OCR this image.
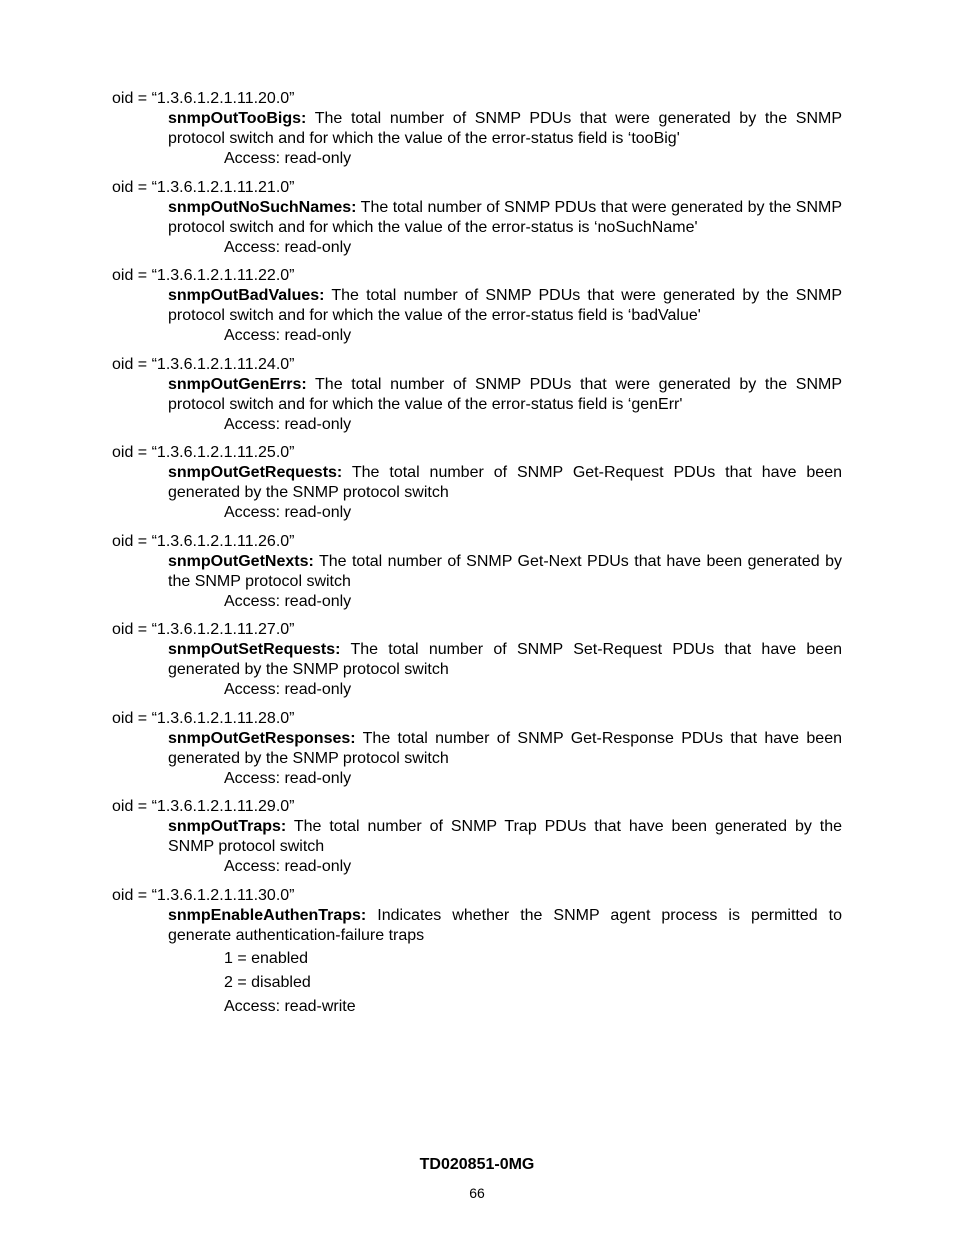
oid = “1.3.6.1.2.1.11.20.0”
snmpOutTooBigs: The total number of SNMP PDUs that were generated by the SNMP protocol switch and for which the value of the error-status field is ‘tooBig'
Access: read-only
oid = “1.3.6.1.2.1.11.21.0”
snmpOutNoSuchNames: The total number of SNMP PDUs that were generated by the SNMP protocol switch and for which the value of the error-status is ‘noSuchName'
Access: read-only
oid = “1.3.6.1.2.1.11.22.0”
snmpOutBadValues: The total number of SNMP PDUs that were generated by the SNMP protocol switch and for which the value of the error-status field is ‘badValue'
Access: read-only
oid = “1.3.6.1.2.1.11.24.0”
snmpOutGenErrs: The total number of SNMP PDUs that were generated by the SNMP protocol switch and for which the value of the error-status field is ‘genErr'
Access: read-only
oid = “1.3.6.1.2.1.11.25.0”
snmpOutGetRequests: The total number of SNMP Get-Request PDUs that have been generated by the SNMP protocol switch
Access: read-only
oid = “1.3.6.1.2.1.11.26.0”
snmpOutGetNexts: The total number of SNMP Get-Next PDUs that have been generated by the SNMP protocol switch
Access: read-only
oid = “1.3.6.1.2.1.11.27.0”
snmpOutSetRequests: The total number of SNMP Set-Request PDUs that have been generated by the SNMP protocol switch
Access: read-only
oid = “1.3.6.1.2.1.11.28.0”
snmpOutGetResponses: The total number of SNMP Get-Response PDUs that have been generated by the SNMP protocol switch
Access: read-only
oid = “1.3.6.1.2.1.11.29.0”
snmpOutTraps: The total number of SNMP Trap PDUs that have been generated by the SNMP protocol switch
Access: read-only
oid = “1.3.6.1.2.1.11.30.0”
snmpEnableAuthenTraps: Indicates whether the SNMP agent process is permitted to generate authentication-failure traps
1 = enabled
2 = disabled
Access: read-write
TD020851-0MG
66
